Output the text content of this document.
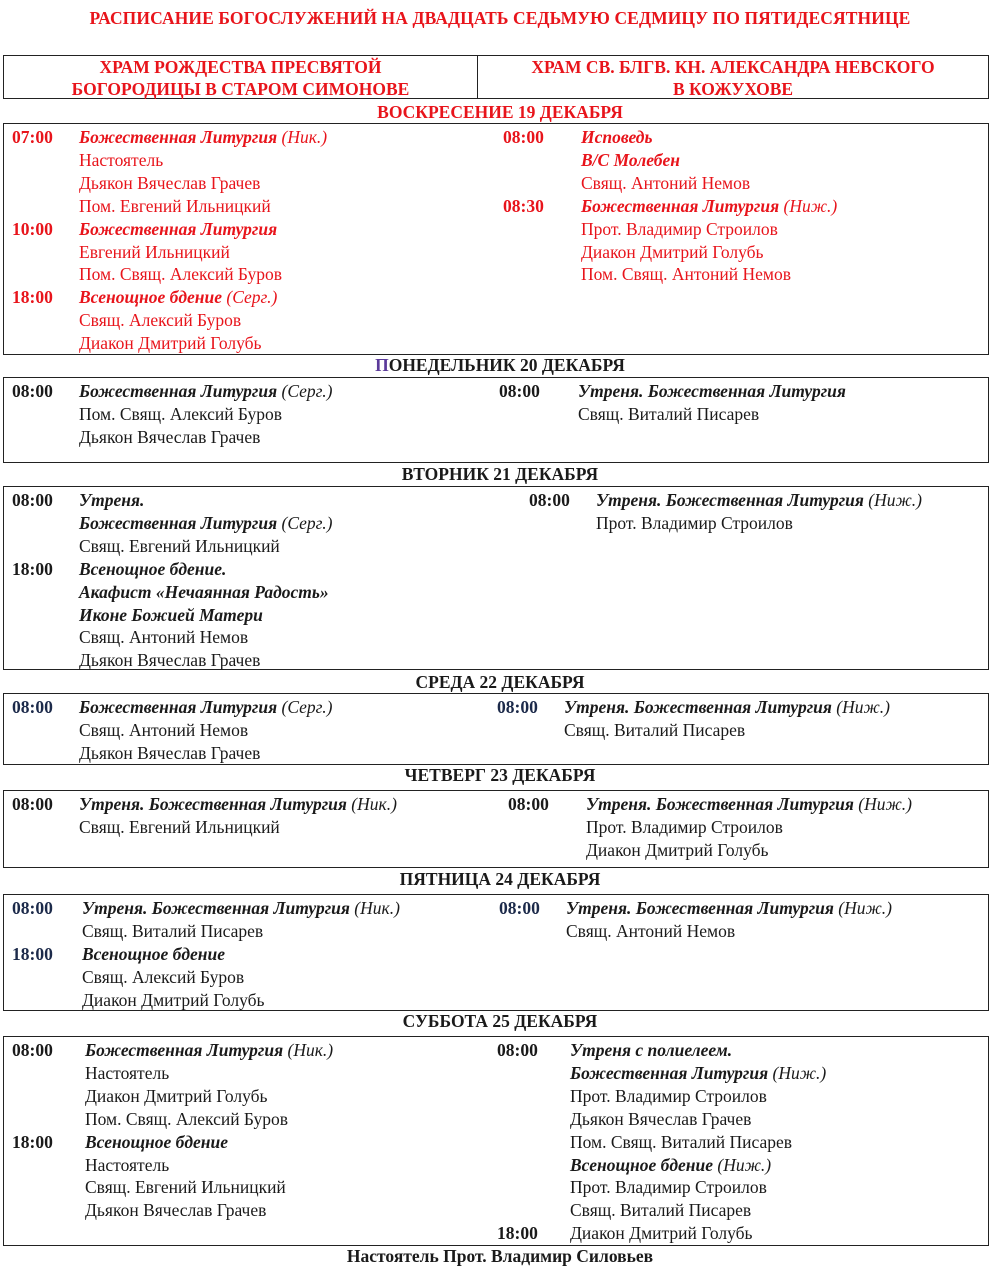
РАСПИСАНИЕ БОГОСЛУЖЕНИЙ НА ДВАДЦАТЬ СЕДЬМУЮ СЕДМИЦУ ПО ПЯТИДЕСЯТНИЦЕ
ХРАМ РОЖДЕСТВА ПРЕСВЯТОЙ
БОГОРОДИЦЫ В СТАРОМ СИМОНОВЕ
ХРАМ СВ. БЛГВ. КН. АЛЕКСАНДРА НЕВСКОГО
В КОЖУХОВЕ
ВОСКРЕСЕНИЕ 19 ДЕКАБРЯ
07:00 Божественная Литургия (Ник.)
Настоятель
Дьякон Вячеслав Грачев
Пом. Евгений Ильницкий
10:00 Божественная Литургия
Евгений Ильницкий
Пом. Свящ. Алексий Буров
18:00 Всенощное бдение (Серг.)
Свящ. Алексий Буров
Диакон Дмитрий Голубь
08:00 Исповедь
В/С Молебен
Свящ. Антоний Немов
08:30 Божественная Литургия (Ниж.)
Прот. Владимир Строилов
Диакон Дмитрий Голубь
Пом. Свящ. Антоний Немов
ПОНЕДЕЛЬНИК 20 ДЕКАБРЯ
08:00 Божественная Литургия (Серг.)
Пом. Свящ. Алексий Буров
Дьякон Вячеслав Грачев
08:00 Утреня. Божественная Литургия
Свящ. Виталий Писарев
ВТОРНИК 21 ДЕКАБРЯ
08:00 Утреня.
Божественная Литургия (Серг.)
Свящ. Евгений Ильницкий
18:00 Всенощное бдение.
Акафист «Нечаянная Радость»
Иконе Божией Матери
Свящ. Антоний Немов
Дьякон Вячеслав Грачев
08:00 Утреня. Божественная Литургия (Ниж.)
Прот. Владимир Строилов
СРЕДА 22 ДЕКАБРЯ
08:00 Божественная Литургия (Серг.)
Свящ. Антоний Немов
Дьякон Вячеслав Грачев
08:00 Утреня. Божественная Литургия (Ниж.)
Свящ. Виталий Писарев
ЧЕТВЕРГ 23 ДЕКАБРЯ
08:00 Утреня. Божественная Литургия (Ник.)
Свящ. Евгений Ильницкий
08:00 Утреня. Божественная Литургия (Ниж.)
Прот. Владимир Строилов
Диакон Дмитрий Голубь
ПЯТНИЦА 24 ДЕКАБРЯ
08:00 Утреня. Божественная Литургия (Ник.)
Свящ. Виталий Писарев
18:00 Всенощное бдение
Свящ. Алексий Буров
Диакон Дмитрий Голубь
08:00 Утреня. Божественная Литургия (Ниж.)
Свящ. Антоний Немов
СУББОТА 25 ДЕКАБРЯ
08:00 Божественная Литургия (Ник.)
Настоятель
Диакон Дмитрий Голубь
Пом. Свящ. Алексий Буров
18:00 Всенощное бдение
Настоятель
Свящ. Евгений Ильницкий
Дьякон Вячеслав Грачев
08:00 Утреня с полиелеем.
Божественная Литургия (Ниж.)
Прот. Владимир Строилов
Дьякон Вячеслав Грачев
Пом. Свящ. Виталий Писарев
Всенощное бдение (Ниж.)
Прот. Владимир Строилов
Свящ. Виталий Писарев
18:00 Диакон Дмитрий Голубь
Настоятель Прот. Владимир Силовьев
